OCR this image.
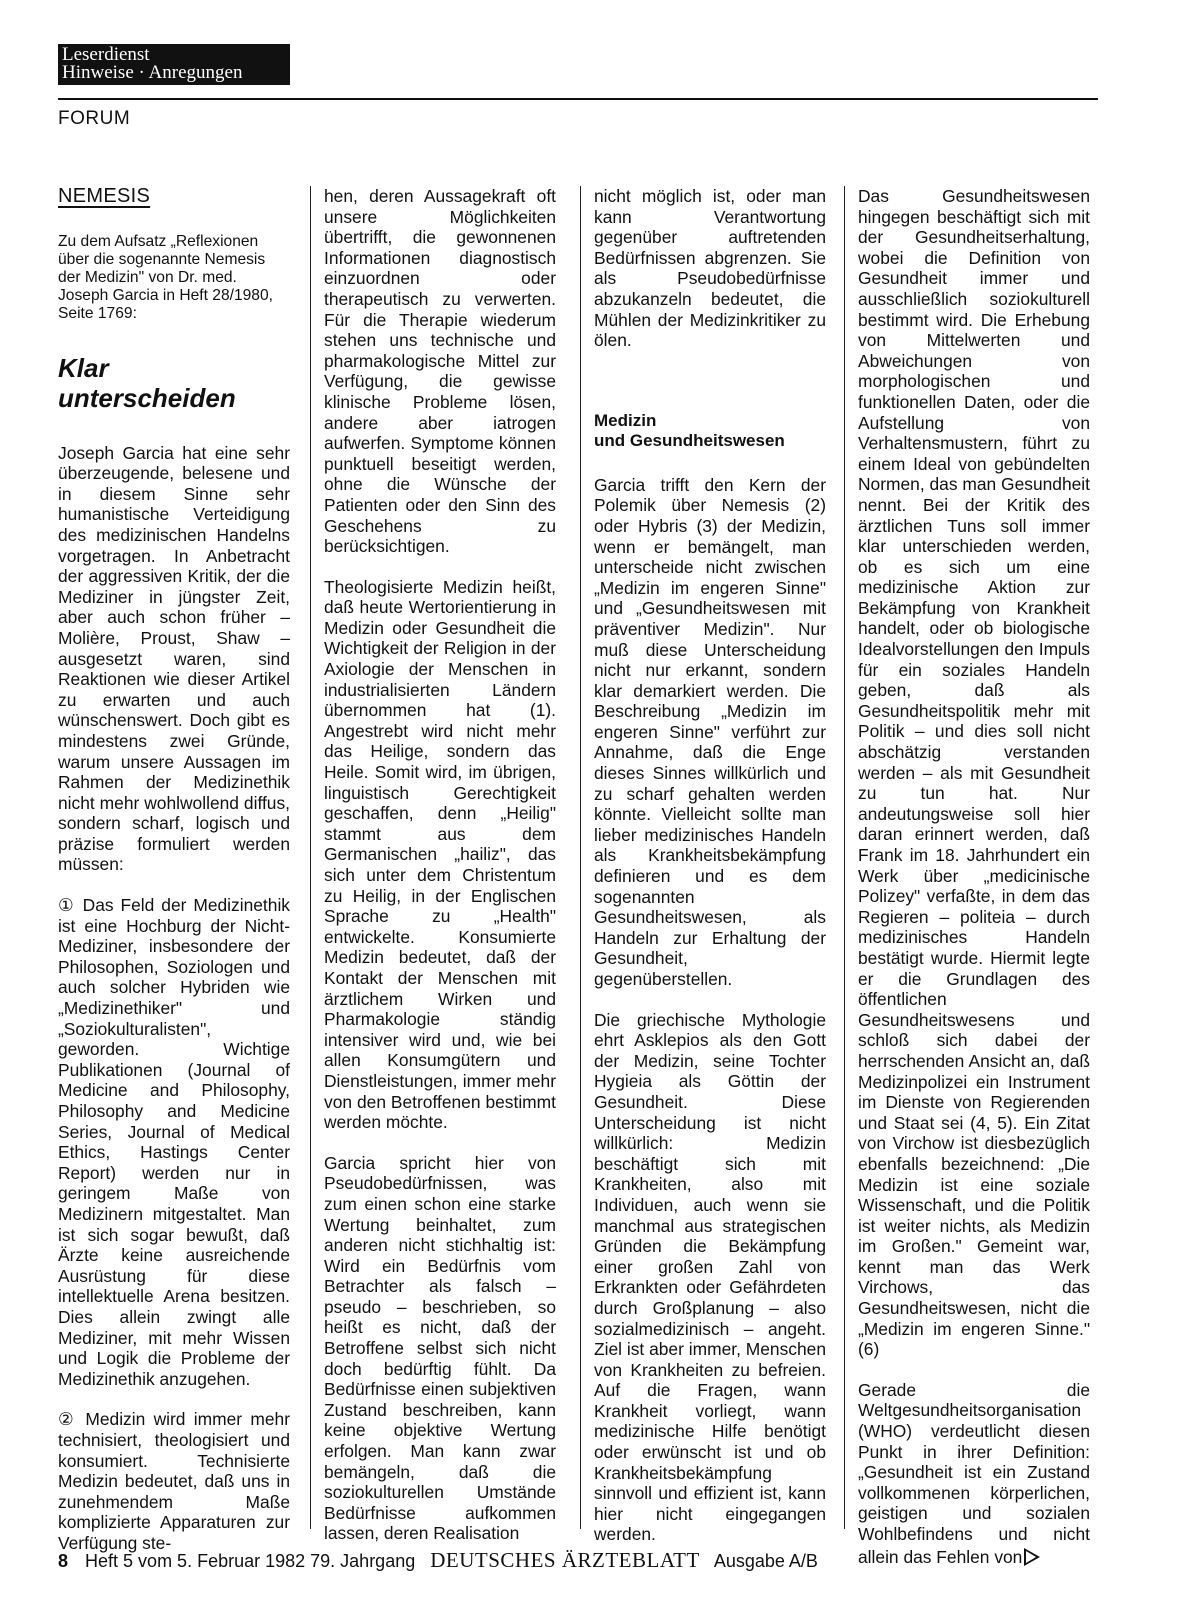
Leserdienst
Hinweise · Anregungen
FORUM

NEMESIS

Zu dem Aufsatz „Reflexionen über die sogenannte Nemesis der Medizin" von Dr. med. Joseph Garcia in Heft 28/1980, Seite 1769:

Klar unterscheiden

Joseph Garcia hat eine sehr überzeugende, belesene und in diesem Sinne sehr humanistische Verteidigung des medizinischen Handelns vorgetragen. In Anbetracht der aggressiven Kritik, der die Mediziner in jüngster Zeit, aber auch schon früher – Molière, Proust, Shaw – ausgesetzt waren, sind Reaktionen wie dieser Artikel zu erwarten und auch wünschenswert. Doch gibt es mindestens zwei Gründe, warum unsere Aussagen im Rahmen der Medizinethik nicht mehr wohlwollend diffus, sondern scharf, logisch und präzise formuliert werden müssen:

① Das Feld der Medizinethik ist eine Hochburg der Nicht-Mediziner, insbesondere der Philosophen, Soziologen und auch solcher Hybriden wie „Medizinethiker" und „Soziokulturalisten", geworden. Wichtige Publikationen (Journal of Medicine and Philosophy, Philosophy and Medicine Series, Journal of Medical Ethics, Hastings Center Report) werden nur in geringem Maße von Medizinern mitgestaltet. Man ist sich sogar bewußt, daß Ärzte keine ausreichende Ausrüstung für diese intellektuelle Arena besitzen. Dies allein zwingt alle Mediziner, mit mehr Wissen und Logik die Probleme der Medizinethik anzugehen.

② Medizin wird immer mehr technisiert, theologisiert und konsumiert. Technisierte Medizin bedeutet, daß uns in zunehmendem Maße komplizierte Apparaturen zur Verfügung ste-

hen, deren Aussagekraft oft unsere Möglichkeiten übertrifft, die gewonnenen Informationen diagnostisch einzuordnen oder therapeutisch zu verwerten. Für die Therapie wiederum stehen uns technische und pharmakologische Mittel zur Verfügung, die gewisse klinische Probleme lösen, andere aber iatrogen aufwerfen. Symptome können punktuell beseitigt werden, ohne die Wünsche der Patienten oder den Sinn des Geschehens zu berücksichtigen.

Theologisierte Medizin heißt, daß heute Wertorientierung in Medizin oder Gesundheit die Wichtigkeit der Religion in der Axiologie der Menschen in industrialisierten Ländern übernommen hat (1). Angestrebt wird nicht mehr das Heilige, sondern das Heile. Somit wird, im übrigen, linguistisch Gerechtigkeit geschaffen, denn „Heilig" stammt aus dem Germanischen „hailiz", das sich unter dem Christentum zu Heilig, in der Englischen Sprache zu „Health" entwickelte. Konsumierte Medizin bedeutet, daß der Kontakt der Menschen mit ärztlichem Wirken und Pharmakologie ständig intensiver wird und, wie bei allen Konsumgütern und Dienstleistungen, immer mehr von den Betroffenen bestimmt werden möchte.

Garcia spricht hier von Pseudobedürfnissen, was zum einen schon eine starke Wertung beinhaltet, zum anderen nicht stichhaltig ist: Wird ein Bedürfnis vom Betrachter als falsch – pseudo – beschrieben, so heißt es nicht, daß der Betroffene selbst sich nicht doch bedürftig fühlt. Da Bedürfnisse einen subjektiven Zustand beschreiben, kann keine objektive Wertung erfolgen. Man kann zwar bemängeln, daß die soziokulturellen Umstände Bedürfnisse aufkommen lassen, deren Realisation

nicht möglich ist, oder man kann Verantwortung gegenüber auftretenden Bedürfnissen abgrenzen. Sie als Pseudobedürfnisse abzukanzeln bedeutet, die Mühlen der Medizinkritiker zu ölen.

Medizin
und Gesundheitswesen

Garcia trifft den Kern der Polemik über Nemesis (2) oder Hybris (3) der Medizin, wenn er bemängelt, man unterscheide nicht zwischen „Medizin im engeren Sinne" und „Gesundheitswesen mit präventiver Medizin". Nur muß diese Unterscheidung nicht nur erkannt, sondern klar demarkiert werden. Die Beschreibung „Medizin im engeren Sinne" verführt zur Annahme, daß die Enge dieses Sinnes willkürlich und zu scharf gehalten werden könnte. Vielleicht sollte man lieber medizinisches Handeln als Krankheitsbekämpfung definieren und es dem sogenannten Gesundheitswesen, als Handeln zur Erhaltung der Gesundheit, gegenüberstellen.

Die griechische Mythologie ehrt Asklepios als den Gott der Medizin, seine Tochter Hygieia als Göttin der Gesundheit. Diese Unterscheidung ist nicht willkürlich: Medizin beschäftigt sich mit Krankheiten, also mit Individuen, auch wenn sie manchmal aus strategischen Gründen die Bekämpfung einer großen Zahl von Erkrankten oder Gefährdeten durch Großplanung – also sozialmedizinisch – angeht. Ziel ist aber immer, Menschen von Krankheiten zu befreien. Auf die Fragen, wann Krankheit vorliegt, wann medizinische Hilfe benötigt oder erwünscht ist und ob Krankheitsbekämpfung sinnvoll und effizient ist, kann hier nicht eingegangen werden.

Das Gesundheitswesen hingegen beschäftigt sich mit der Gesundheitserhaltung, wobei die Definition von Gesundheit immer und ausschließlich soziokulturell bestimmt wird. Die Erhebung von Mittelwerten und Abweichungen von morphologischen und funktionellen Daten, oder die Aufstellung von Verhaltensmustern, führt zu einem Ideal von gebündelten Normen, das man Gesundheit nennt. Bei der Kritik des ärztlichen Tuns soll immer klar unterschieden werden, ob es sich um eine medizinische Aktion zur Bekämpfung von Krankheit handelt, oder ob biologische Idealvorstellungen den Impuls für ein soziales Handeln geben, daß als Gesundheitspolitik mehr mit Politik – und dies soll nicht abschätzig verstanden werden – als mit Gesundheit zu tun hat. Nur andeutungsweise soll hier daran erinnert werden, daß Frank im 18. Jahrhundert ein Werk über „medicinische Polizey" verfaßte, in dem das Regieren – politeia – durch medizinisches Handeln bestätigt wurde. Hiermit legte er die Grundlagen des öffentlichen Gesundheitswesens und schloß sich dabei der herrschenden Ansicht an, daß Medizinpolizei ein Instrument im Dienste von Regierenden und Staat sei (4, 5). Ein Zitat von Virchow ist diesbezüglich ebenfalls bezeichnend: „Die Medizin ist eine soziale Wissenschaft, und die Politik ist weiter nichts, als Medizin im Großen." Gemeint war, kennt man das Werk Virchows, das Gesundheitswesen, nicht die „Medizin im engeren Sinne." (6)

Gerade die Weltgesundheitsorganisation (WHO) verdeutlicht diesen Punkt in ihrer Definition: „Gesundheit ist ein Zustand vollkommenen körperlichen, geistigen und sozialen Wohlbefindens und nicht allein das Fehlen von

8 Heft 5 vom 5. Februar 1982 79. Jahrgang DEUTSCHES ÄRZTEBLATT Ausgabe A/B
